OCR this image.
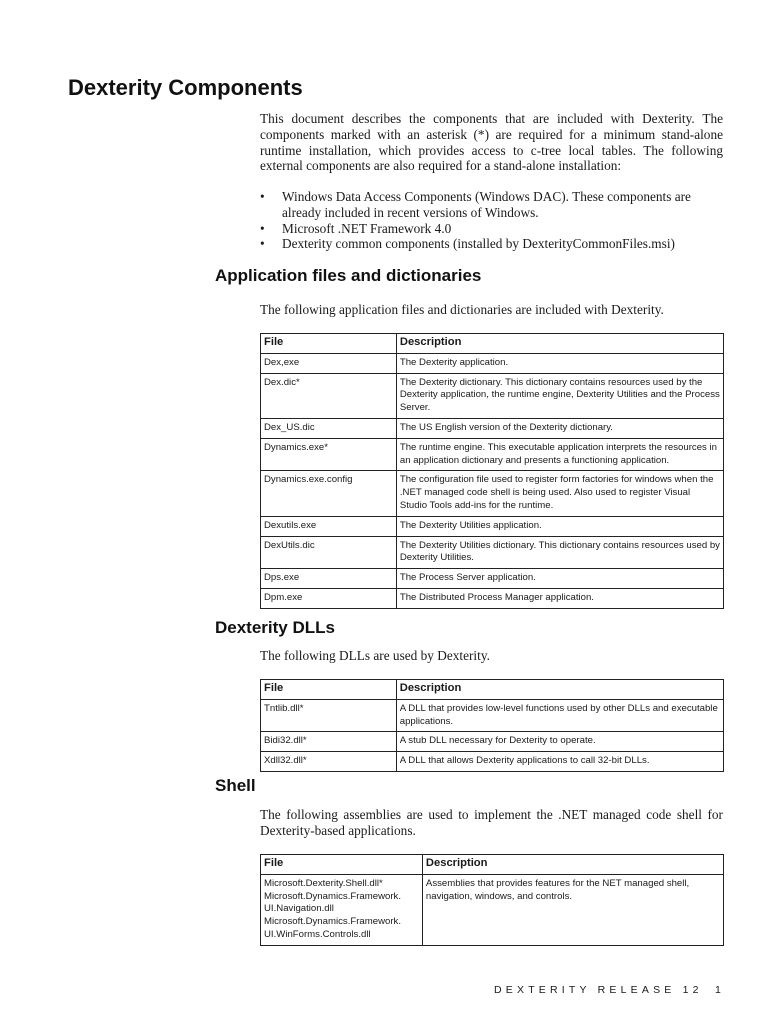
Dexterity Components

This document describes the components that are included with Dexterity. The components marked with an asterisk (*) are required for a minimum stand-alone runtime installation, which provides access to c-tree local tables. The following external components are also required for a stand-alone installation:

• Windows Data Access Components (Windows DAC). These components are already included in recent versions of Windows.
• Microsoft .NET Framework 4.0
• Dexterity common components (installed by DexterityCommonFiles.msi)
Application files and dictionaries

The following application files and dictionaries are included with Dexterity.

File	Description
Dex,exe	The Dexterity application.
Dex.dic*	The Dexterity dictionary. This dictionary contains resources used by the Dexterity application, the runtime engine, Dexterity Utilities and the Process Server.
Dex_US.dic	The US English version of the Dexterity dictionary.
Dynamics.exe*	The runtime engine. This executable application interprets the resources in an application dictionary and presents a functioning application.
Dynamics.exe.config	The configuration file used to register form factories for windows when the .NET managed code shell is being used. Also used to register Visual Studio Tools add-ins for the runtime.
Dexutils.exe	The Dexterity Utilities application.
DexUtils.dic	The Dexterity Utilities dictionary. This dictionary contains resources used by Dexterity Utilities.
Dps.exe	The Process Server application.
Dpm.exe	The Distributed Process Manager application.
Dexterity DLLs

The following DLLs are used by Dexterity.

File	Description
Tntlib.dll*	A DLL that provides low-level functions used by other DLLs and executable applications.
Bidi32.dll*	A stub DLL necessary for Dexterity to operate.
Xdll32.dll*	A DLL that allows Dexterity applications to call 32-bit DLLs.
Shell

The following assemblies are used to implement the .NET managed code shell for Dexterity-based applications.

File	Description
Microsoft.Dexterity.Shell.dll* Microsoft.Dynamics.Framework. UI.Navigation.dll Microsoft.Dynamics.Framework. UI.WinForms.Controls.dll	Assemblies that provides features for the NET managed shell, navigation, windows, and controls.
DEXTERITY RELEASE 12 1
